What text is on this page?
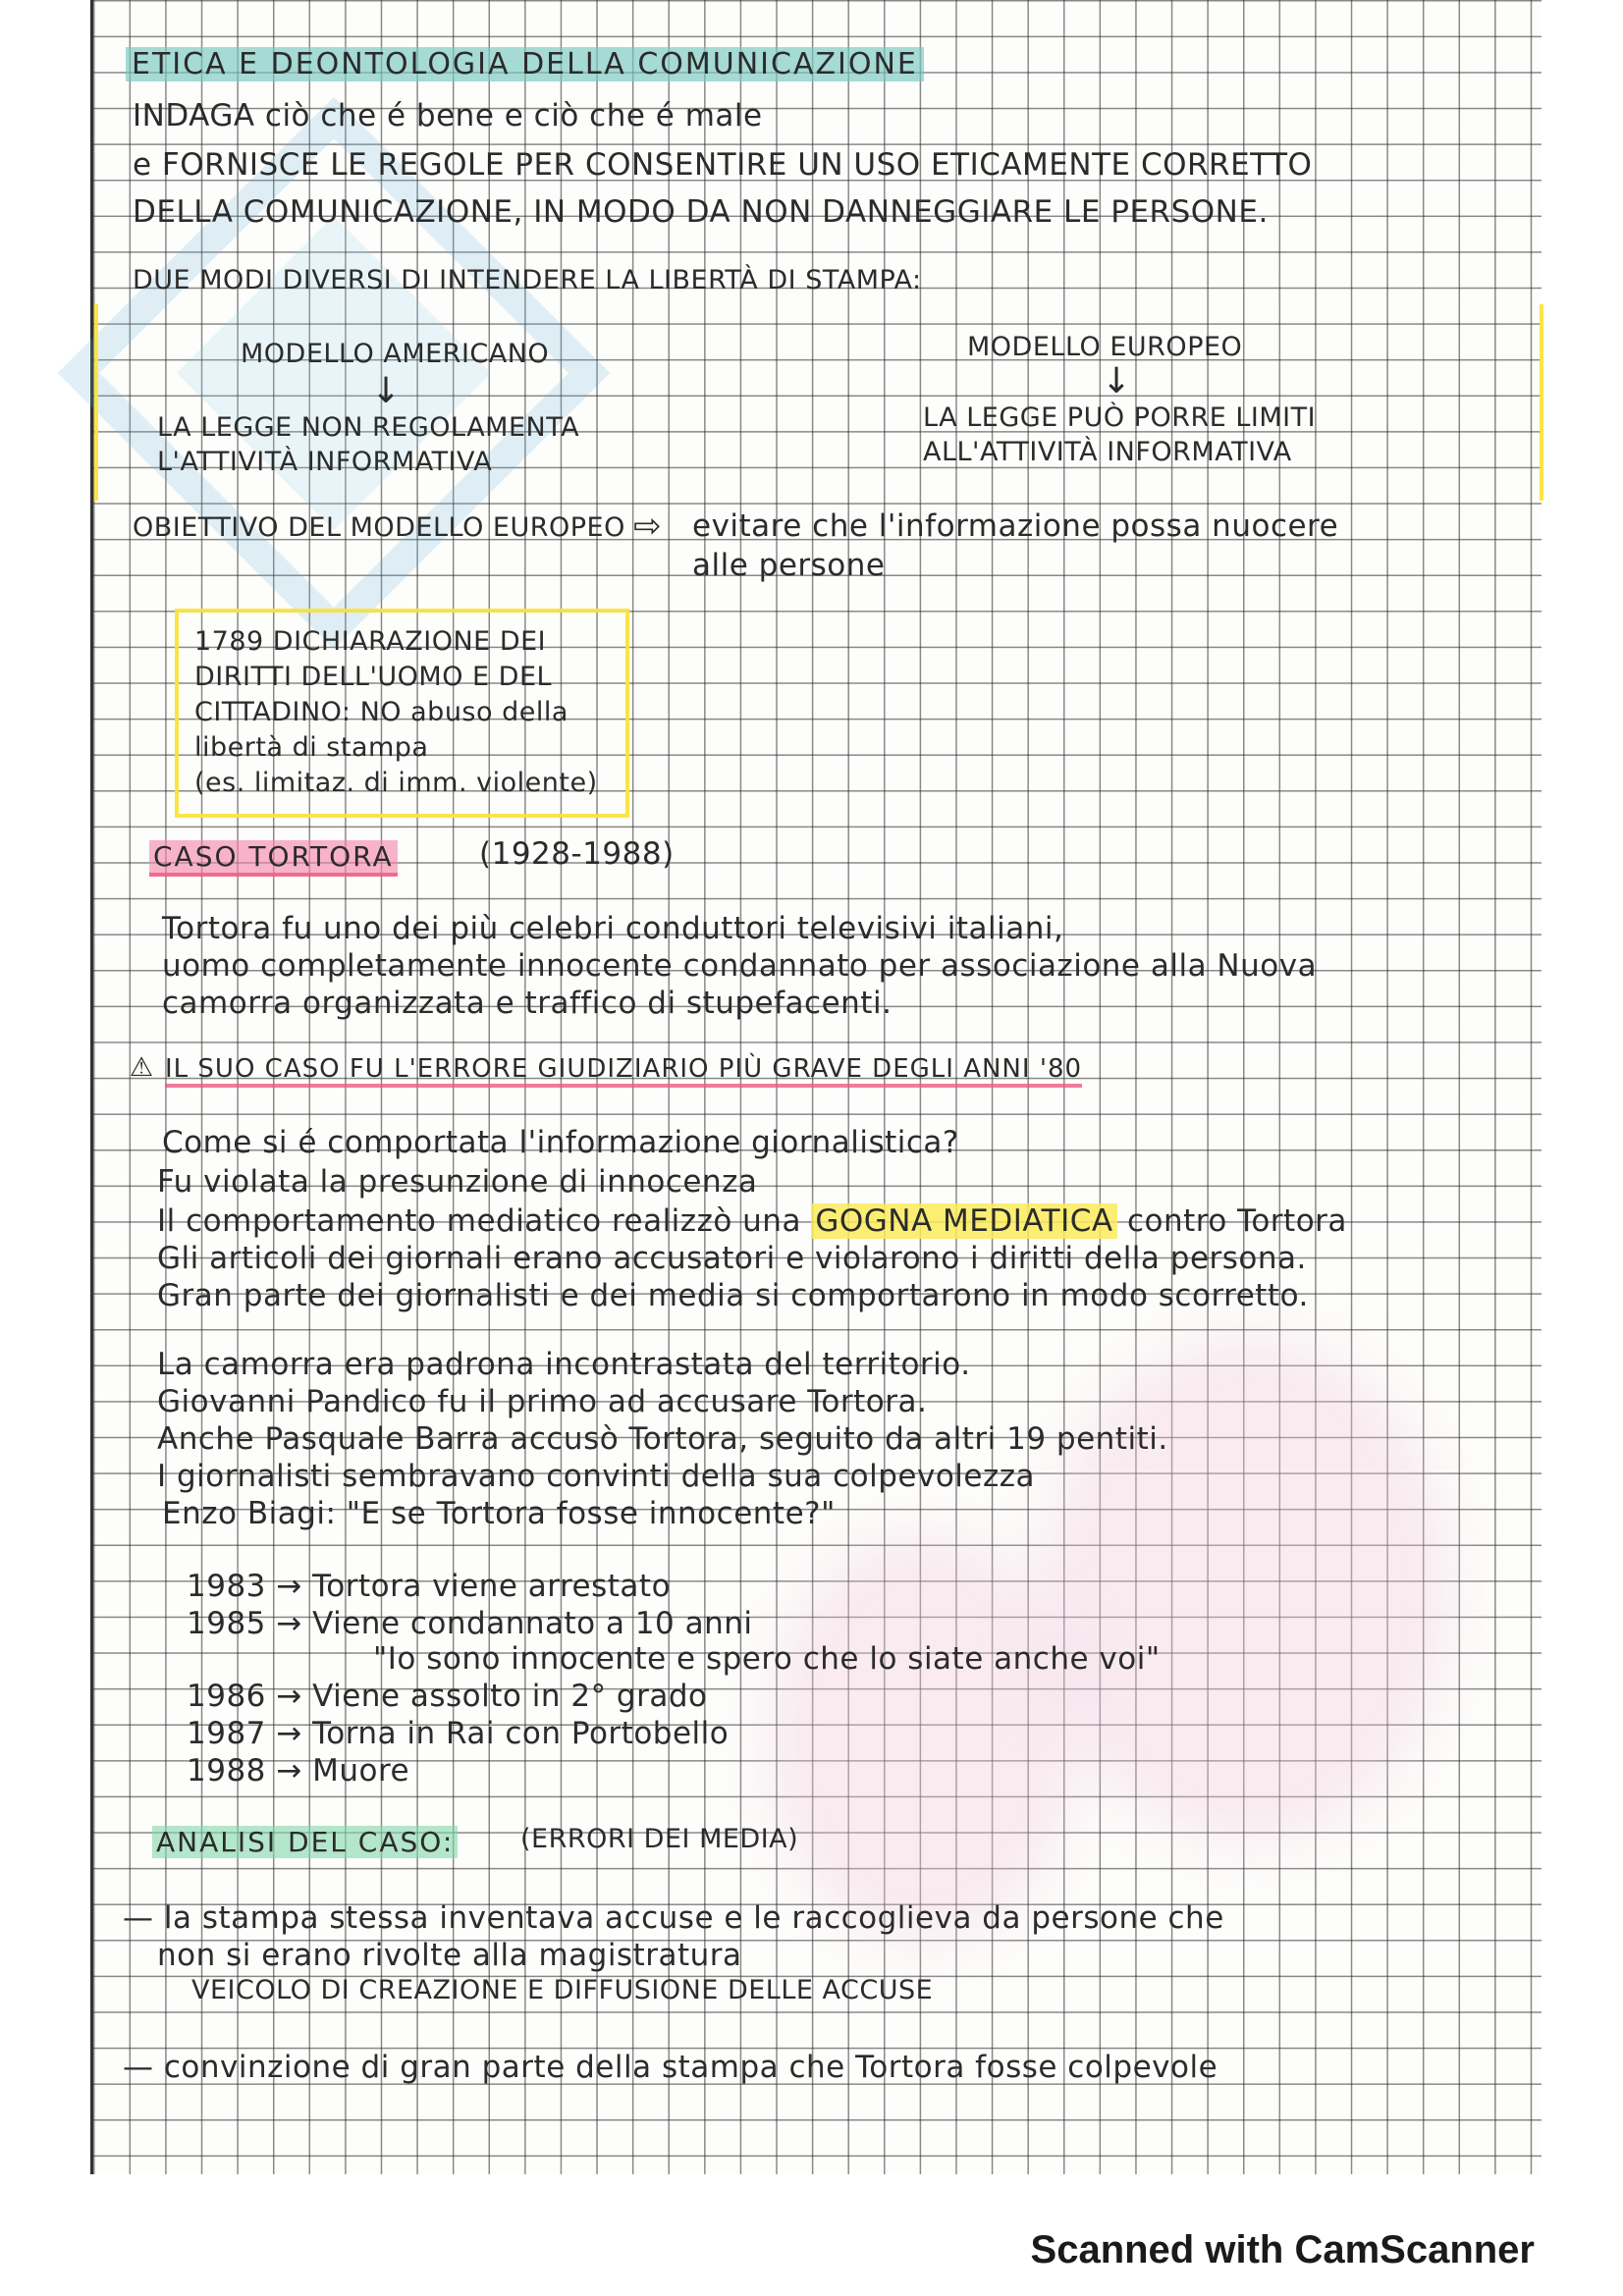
ETICA E DEONTOLOGIA DELLA COMUNICAZIONE
INDAGA ciò che é bene e ciò che é male
e FORNISCE LE REGOLE PER CONSENTIRE UN USO ETICAMENTE CORRETTO
DELLA COMUNICAZIONE, IN MODO DA NON DANNEGGIARE LE PERSONE.
DUE MODI DIVERSI DI INTENDERE LA LIBERTÀ DI STAMPA:
MODELLO AMERICANO
↓
LA LEGGE NON REGOLAMENTA
L'ATTIVITÀ INFORMATIVA
MODELLO EUROPEO
↓
LA LEGGE PUÒ PORRE LIMITI
ALL'ATTIVITÀ INFORMATIVA
OBIETTIVO DEL MODELLO EUROPEO ⇨ evitare che l'informazione possa nuocere
alle persone
1789 DICHIARAZIONE DEI
DIRITTI DELL'UOMO E DEL
CITTADINO: NO abuso della
libertà di stampa
(es. limitaz. di imm. violente)
CASO TORTORA	(1928-1988)
Tortora fu uno dei più celebri conduttori televisivi italiani,
uomo completamente innocente condannato per associazione alla Nuova
camorra organizzata e traffico di stupefacenti.
⚠ IL SUO CASO FU L'ERRORE GIUDIZIARIO PIÙ GRAVE DEGLI ANNI '80
Come si é comportata l'informazione giornalistica?
Fu violata la presunzione di innocenza
Il comportamento mediatico realizzò una GOGNA MEDIATICA contro Tortora
Gli articoli dei giornali erano accusatori e violarono i diritti della persona.
Gran parte dei giornalisti e dei media si comportarono in modo scorretto.
La camorra era padrona incontrastata del territorio.
Giovanni Pandico fu il primo ad accusare Tortora.
Anche Pasquale Barra accusò Tortora, seguito da altri 19 pentiti.
I giornalisti sembravano convinti della sua colpevolezza
Enzo Biagi: "E se Tortora fosse innocente?"
1983 → Tortora viene arrestato
1985 → Viene condannato a 10 anni
"Io sono innocente e spero che lo siate anche voi"
1986 → Viene assolto in 2° grado
1987 → Torna in Rai con Portobello
1988 → Muore
ANALISI DEL CASO:	(ERRORI DEI MEDIA)
— la stampa stessa inventava accuse e le raccoglieva da persone che
non si erano rivolte alla magistratura
VEICOLO DI CREAZIONE E DIFFUSIONE DELLE ACCUSE
— convinzione di gran parte della stampa che Tortora fosse colpevole
Scanned with CamScanner
